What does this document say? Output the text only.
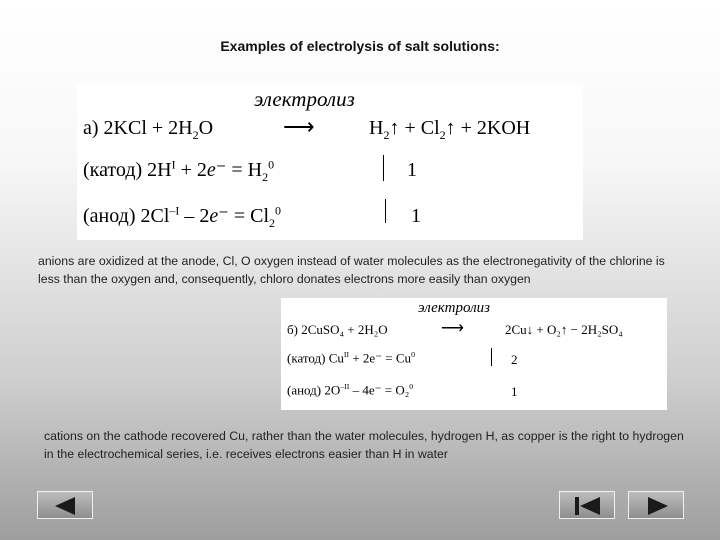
Examples of electrolysis of salt solutions:
электролиз
а) $2KCl + 2H_2O$	⟶	$H_2↑$ + $Cl_2↑ + 2KOH$
(катод) $2H^I + 2e^- = H_2^0$	1
(анод) $2Cl^{-I} - 2e^- = Cl_2^0$	1
anions are oxidized at the anode, Cl, O oxygen instead of water molecules as the electronegativity of the chlorine is less than the oxygen and, consequently, chloro donates electrons more easily than oxygen
электролиз
б) 2CuSO₄ + 2H₂O	⟶	2Cu↓ + O₂↑ − 2H₂SO₄
(катод) $Cu^{II} + 2e^- = Cu^0$	2
(анод) $2O^{-II} - 4e^- = O_2^0$	1
cations on the cathode recovered Cu, rather than the water molecules, hydrogen H, as copper is the right to hydrogen in the electrochemical series, i.e. receives electrons easier than H in water
